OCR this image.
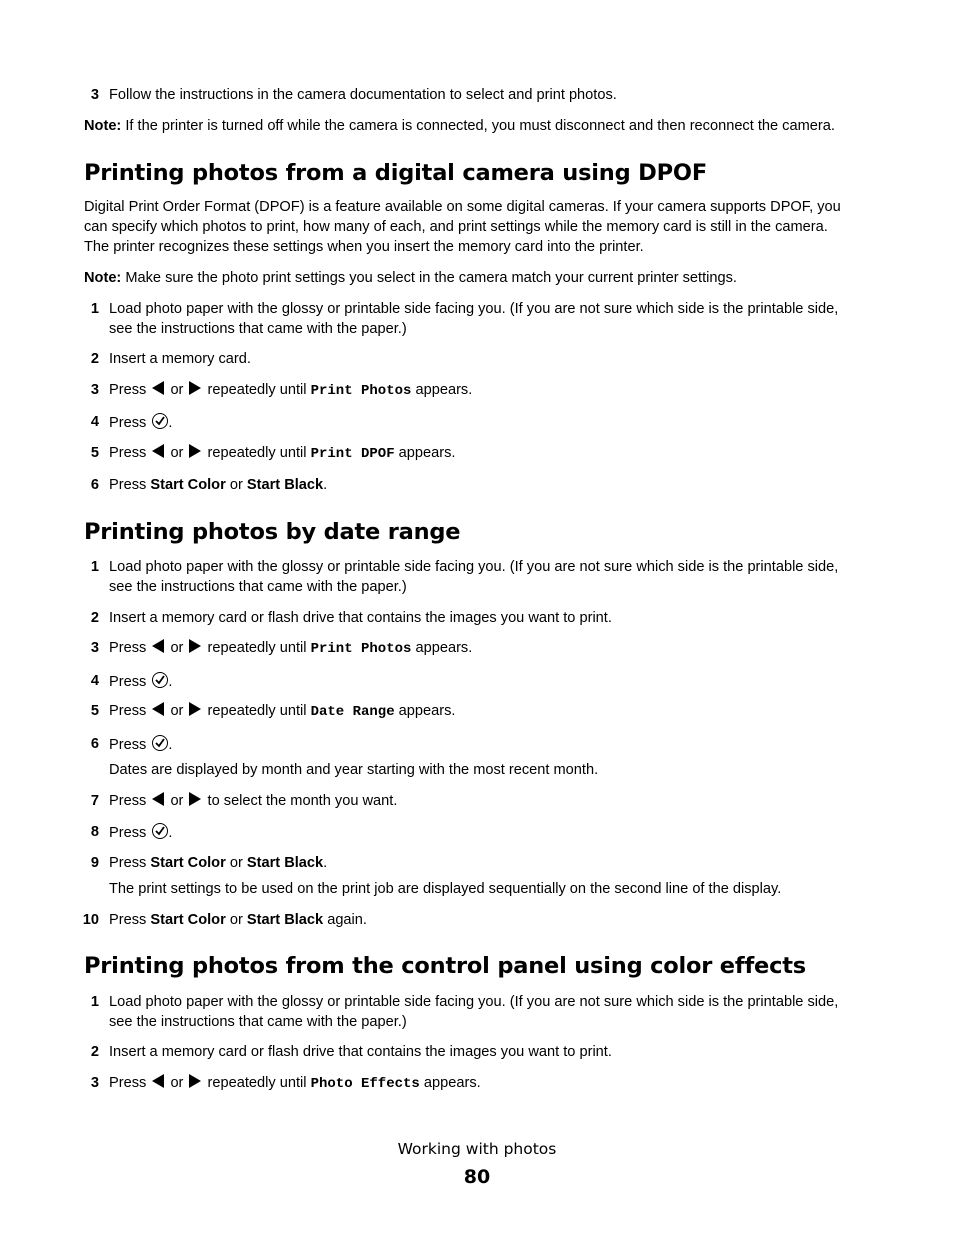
3 Follow the instructions in the camera documentation to select and print photos.
Note: If the printer is turned off while the camera is connected, you must disconnect and then reconnect the camera.
Printing photos from a digital camera using DPOF
Digital Print Order Format (DPOF) is a feature available on some digital cameras. If your camera supports DPOF, you
can specify which photos to print, how many of each, and print settings while the memory card is still in the camera.
The printer recognizes these settings when you insert the memory card into the printer.
Note: Make sure the photo print settings you select in the camera match your current printer settings.
1 Load photo paper with the glossy or printable side facing you. (If you are not sure which side is the printable side,
see the instructions that came with the paper.)
2 Insert a memory card.
3 Press or repeatedly until Print Photos appears.
4 Press .
5 Press or repeatedly until Print DPOF appears.
6 Press Start Color or Start Black.
Printing photos by date range
1 Load photo paper with the glossy or printable side facing you. (If you are not sure which side is the printable side,
see the instructions that came with the paper.)
2 Insert a memory card or flash drive that contains the images you want to print.
3 Press or repeatedly until Print Photos appears.
4 Press .
5 Press or repeatedly until Date Range appears.
6 Press .
Dates are displayed by month and year starting with the most recent month.
7 Press or to select the month you want.
8 Press .
9 Press Start Color or Start Black.
The print settings to be used on the print job are displayed sequentially on the second line of the display.
10 Press Start Color or Start Black again.
Printing photos from the control panel using color effects
1 Load photo paper with the glossy or printable side facing you. (If you are not sure which side is the printable side,
see the instructions that came with the paper.)
2 Insert a memory card or flash drive that contains the images you want to print.
3 Press or repeatedly until Photo Effects appears.
Working with photos
80
